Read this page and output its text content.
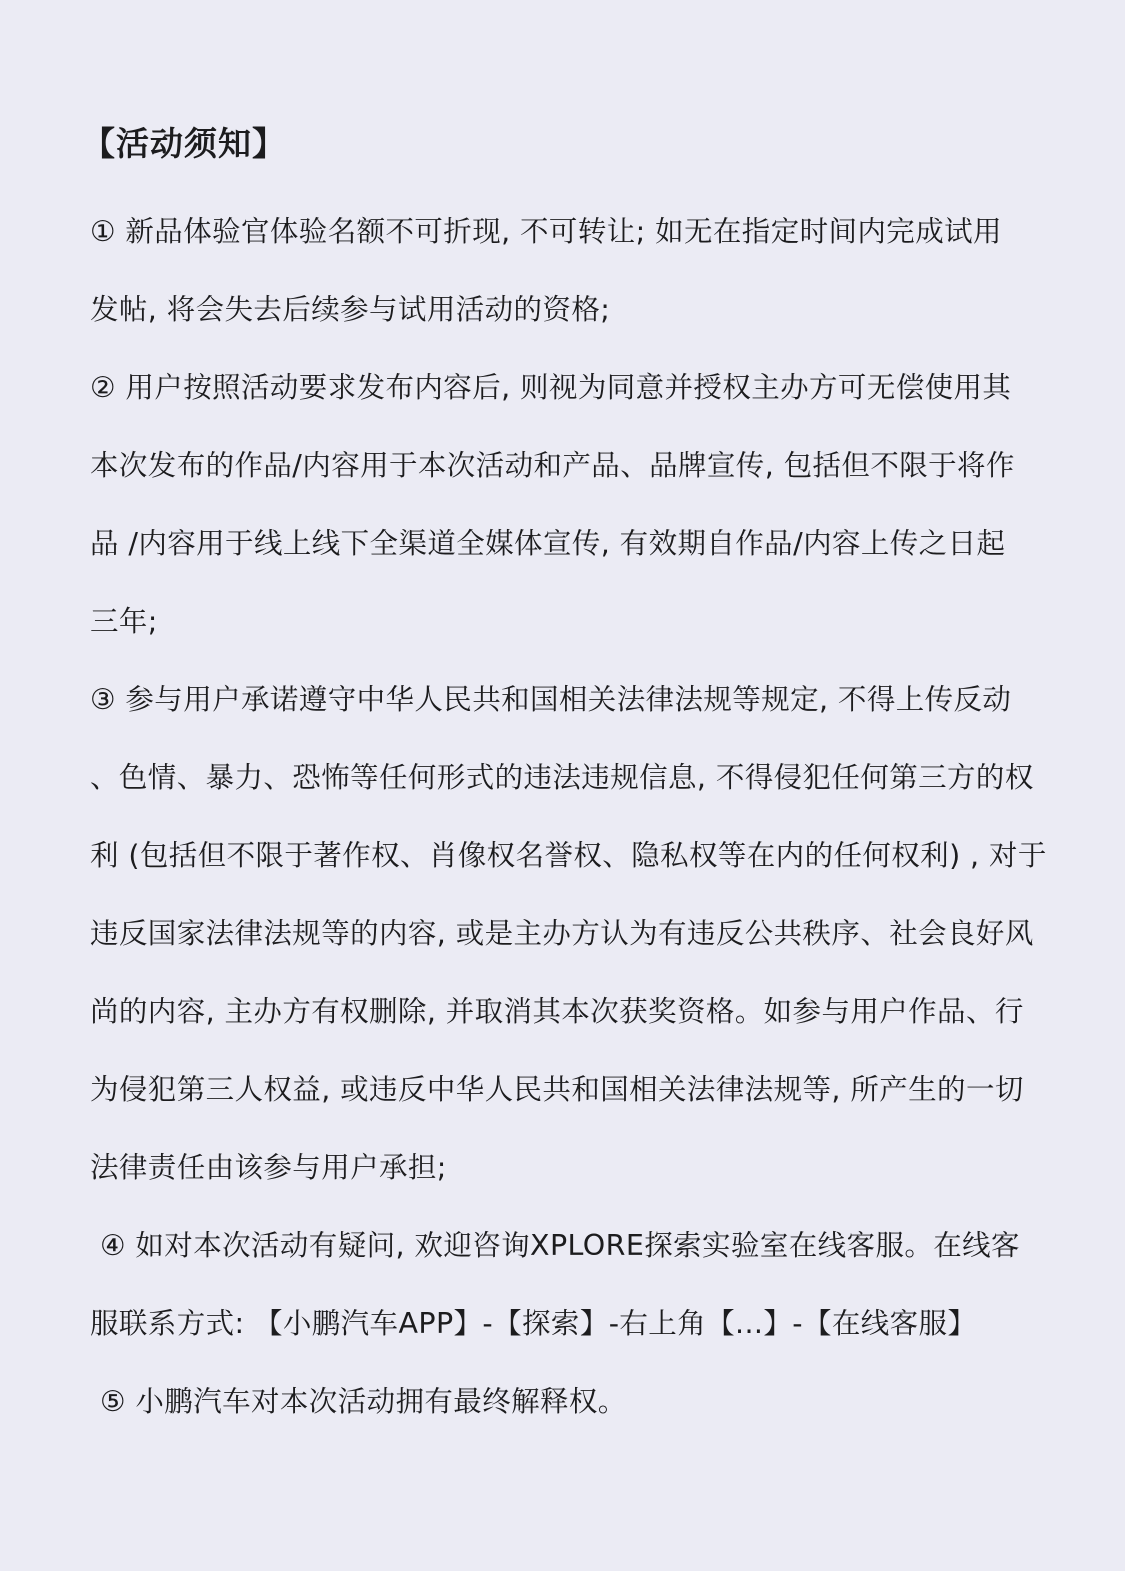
【活动须知】
① 新品体验官体验名额不可折现, 不可转让; 如无在指定时间内完成试用
发帖, 将会失去后续参与试用活动的资格;
② 用户按照活动要求发布内容后, 则视为同意并授权主办方可无偿使用其
本次发布的作品/内容用于本次活动和产品、品牌宣传, 包括但不限于将作
品 /内容用于线上线下全渠道全媒体宣传, 有效期自作品/内容上传之日起
三年;
③ 参与用户承诺遵守中华人民共和国相关法律法规等规定, 不得上传反动
、色情、暴力、恐怖等任何形式的违法违规信息, 不得侵犯任何第三方的权
利 (包括但不限于著作权、肖像权名誉权、隐私权等在内的任何权利) , 对于
违反国家法律法规等的内容, 或是主办方认为有违反公共秩序、社会良好风
尚的内容, 主办方有权删除, 并取消其本次获奖资格。如参与用户作品、行
为侵犯第三人权益, 或违反中华人民共和国相关法律法规等, 所产生的一切
法律责任由该参与用户承担;
④ 如对本次活动有疑问, 欢迎咨询XPLORE探索实验室在线客服。在线客
服联系方式: 【小鹏汽车APP】-【探索】-右上角【...】-【在线客服】
⑤ 小鹏汽车对本次活动拥有最终解释权。
